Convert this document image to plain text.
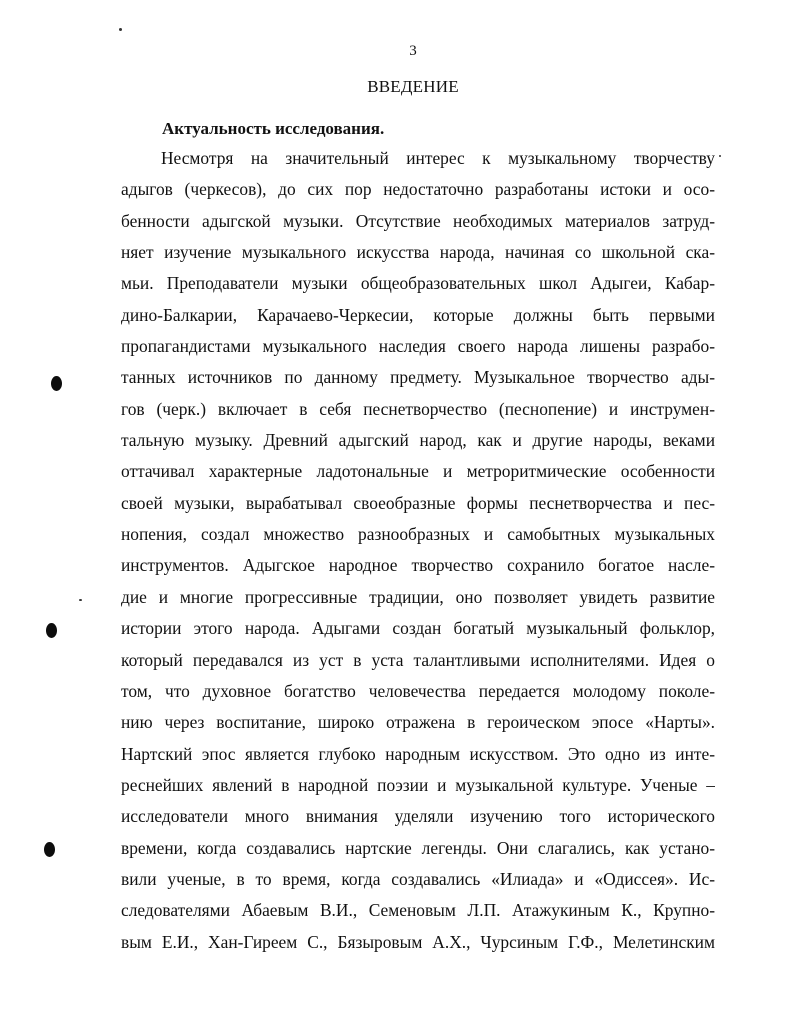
3
ВВЕДЕНИЕ
Актуальность исследования.
Несмотря на значительный интерес к музыкальному творчеству
адыгов (черкесов), до сих пор недостаточно разработаны истоки и осо-
бенности адыгской музыки. Отсутствие необходимых материалов затруд-
няет изучение музыкального искусства народа, начиная со школьной ска-
мьи. Преподаватели музыки общеобразовательных школ Адыгеи, Кабар-
дино-Балкарии, Карачаево-Черкесии, которые должны быть первыми
пропагандистами музыкального наследия своего народа лишены разрабо-
танных источников по данному предмету. Музыкальное творчество ады-
гов (черк.) включает в себя песнетворчество (песнопение) и инструмен-
тальную музыку. Древний адыгский народ, как и другие народы, веками
оттачивал характерные ладотональные и метроритмические особенности
своей музыки, вырабатывал своеобразные формы песнетворчества и пес-
нопения, создал множество разнообразных и самобытных музыкальных
инструментов. Адыгское народное творчество сохранило богатое насле-
дие и многие прогрессивные традиции, оно позволяет увидеть развитие
истории этого народа. Адыгами создан богатый музыкальный фольклор,
который передавался из уст в уста талантливыми исполнителями. Идея о
том, что духовное богатство человечества передается молодому поколе-
нию через воспитание, широко отражена в героическом эпосе «Нарты».
Нартский эпос является глубоко народным искусством. Это одно из инте-
реснейших явлений в народной поэзии и музыкальной культуре. Ученые –
исследователи много внимания уделяли изучению того исторического
времени, когда создавались нартские легенды. Они слагались, как устано-
вили ученые, в то время, когда создавались «Илиада» и «Одиссея». Ис-
следователями Абаевым В.И., Семеновым Л.П. Атажукиным К., Крупно-
вым Е.И., Хан-Гиреем С., Бязыровым А.Х., Чурсиным Г.Ф., Мелетинским
